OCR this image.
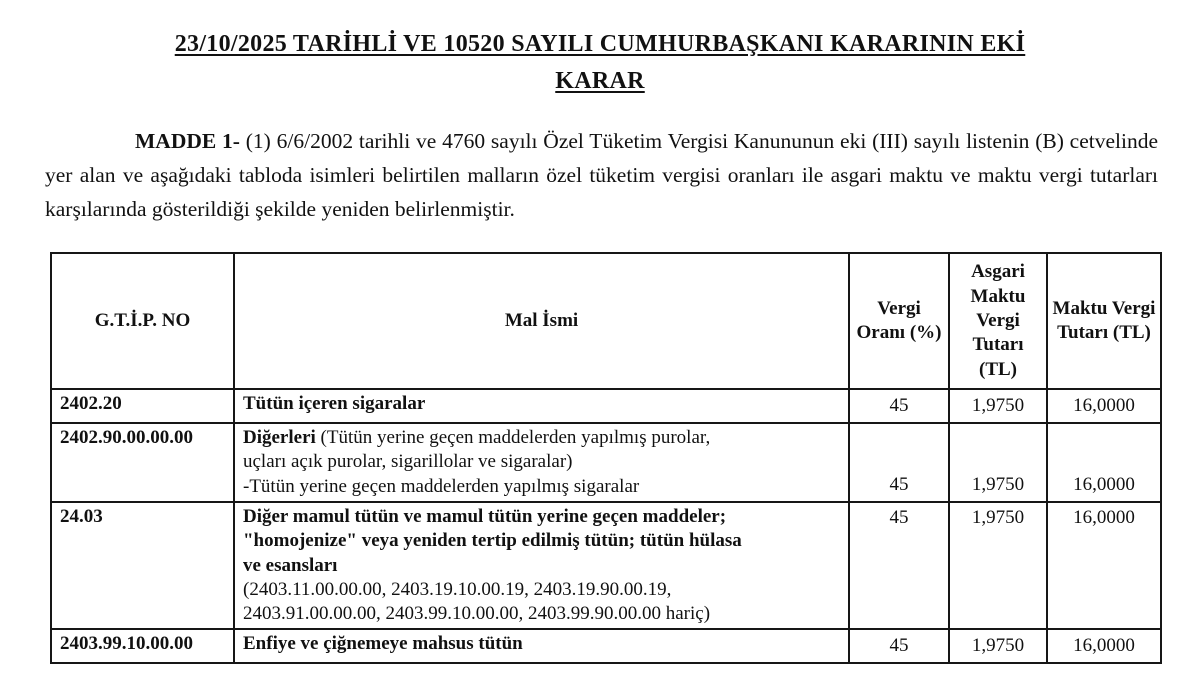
23/10/2025 TARİHLİ VE 10520 SAYILI CUMHURBAŞKANI KARARININ EKİ
KARAR

MADDE 1- (1) 6/6/2002 tarihli ve 4760 sayılı Özel Tüketim Vergisi Kanununun eki (III) sayılı listenin (B) cetvelinde yer alan ve aşağıdaki tabloda isimleri belirtilen malların özel tüketim vergisi oranları ile asgari maktu ve maktu vergi tutarları karşılarında gösterildiği şekilde yeniden belirlenmiştir.

G.T.İ.P. NO	Mal İsmi	Vergi Oranı (%)	Asgari Maktu Vergi Tutarı (TL)	Maktu Vergi Tutarı (TL)
2402.20	Tütün içeren sigaralar	45	1,9750	16,0000
2402.90.00.00.00	Diğerleri (Tütün yerine geçen maddelerden yapılmış purolar,
uçları açık purolar, sigarillolar ve sigaralar)
-Tütün yerine geçen maddelerden yapılmış sigaralar	45	1,9750	16,0000
24.03	Diğer mamul tütün ve mamul tütün yerine geçen maddeler;
"homojenize" veya yeniden tertip edilmiş tütün; tütün hülasa
ve esansları
(2403.11.00.00.00, 2403.19.10.00.19, 2403.19.90.00.19,
2403.91.00.00.00, 2403.99.10.00.00, 2403.99.90.00.00 hariç)	45	1,9750	16,0000
2403.99.10.00.00	Enfiye ve çiğnemeye mahsus tütün	45	1,9750	16,0000
